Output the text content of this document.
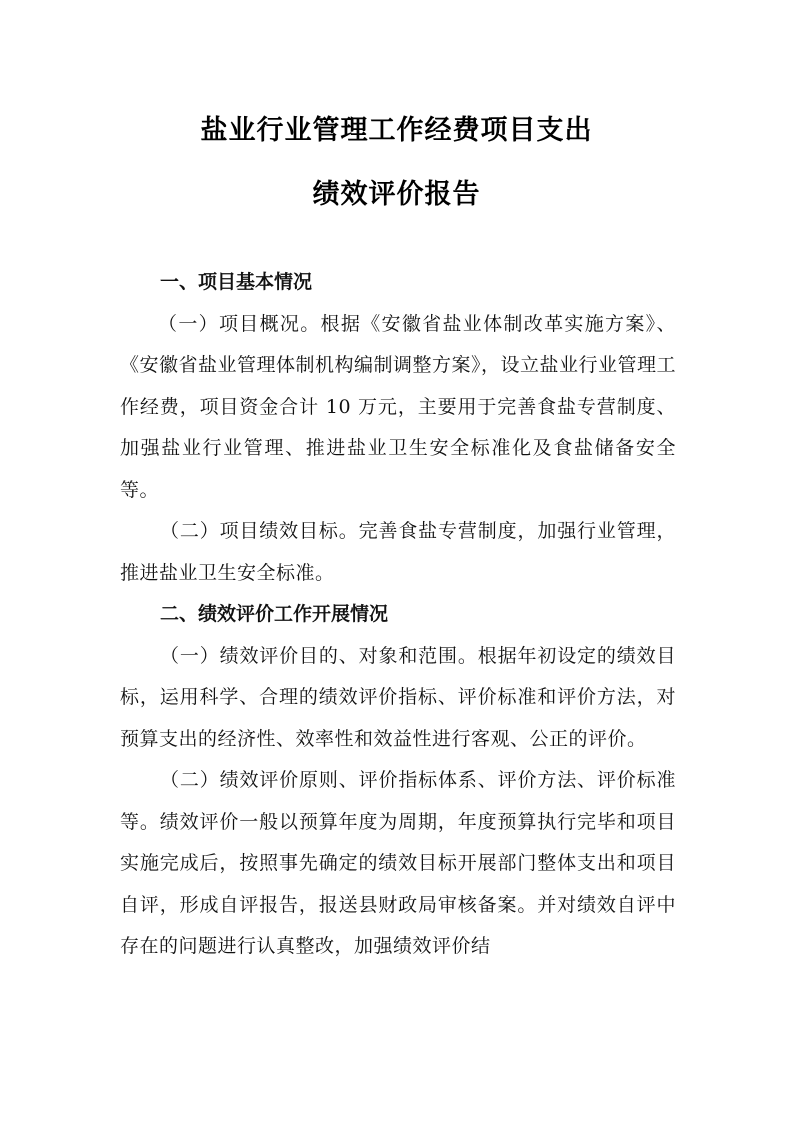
盐业行业管理工作经费项目支出
绩效评价报告

一、项目基本情况

（一）项目概况。根据《安徽省盐业体制改革实施方案》、《安徽省盐业管理体制机构编制调整方案》，设立盐业行业管理工作经费，项目资金合计 10 万元，主要用于完善食盐专营制度、加强盐业行业管理、推进盐业卫生安全标准化及食盐储备安全等。

（二）项目绩效目标。完善食盐专营制度，加强行业管理，推进盐业卫生安全标准。

二、绩效评价工作开展情况

（一）绩效评价目的、对象和范围。根据年初设定的绩效目标，运用科学、合理的绩效评价指标、评价标准和评价方法，对预算支出的经济性、效率性和效益性进行客观、公正的评价。

（二）绩效评价原则、评价指标体系、评价方法、评价标准等。绩效评价一般以预算年度为周期，年度预算执行完毕和项目实施完成后，按照事先确定的绩效目标开展部门整体支出和项目自评，形成自评报告，报送县财政局审核备案。并对绩效自评中存在的问题进行认真整改，加强绩效评价结
